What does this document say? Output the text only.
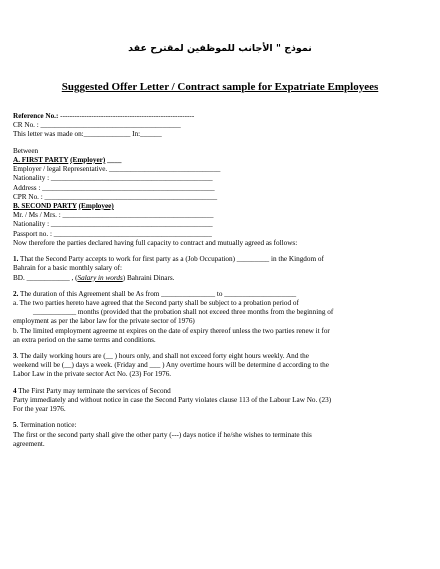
نموذج " الأجانب للموظفين لمقترح عقد
Suggested Offer Letter / Contract sample for Expatriate Employees
Reference No.: --------------------------------------------------------
CR No. : _______________________________________
This letter was made on:_____________ In:______
Between
A. FIRST PARTY (Employer) ____
Employer / legal Representative. _______________________________
Nationality : _____________________________________________
Address : ________________________________________________
CPR No. : ________________________________________________
B. SECOND PARTY (Employee)
Mr. / Ms / Mrs. : __________________________________________
Nationality : _____________________________________________
Passport no. : ____________________________________________
Now therefore the parties declared having full capacity to contract and mutually agreed as follows:
1. That the Second Party accepts to work for first party as a (Job Occupation) _________ in the Kingdom of
Bahrain for a basic monthly salary of:
BD. ____________ , (Salary in words) Bahraini Dinars.
2. The duration of this Agreement shall be As from _______________ to ____________________
a. The two parties hereto have agreed that the Second party shall be subject to a probation period of
____________ months (provided that the probation shall not exceed three months from the beginning of
employment as per the labor law for the private sector of 1976)
b. The limited employment agreeme nt expires on the date of expiry thereof unless the two parties renew it for
an extra period on the same terms and conditions.
3. The daily working hours are (__ ) hours only, and shall not exceed forty eight hours weekly. And the
weekend will be (__) days a week. (Friday and ___ ) Any overtime hours will be determine d according to the
Labor Law in the private sector Act No. (23) For 1976.
4 The First Party may terminate the services of Second
Party immediately and without notice in case the Second Party violates clause 113 of the Labour Law No. (23)
For the year 1976.
5. Termination notice:
The first or the second party shall give the other party (---) days notice if he/she wishes to terminate this
agreement.
